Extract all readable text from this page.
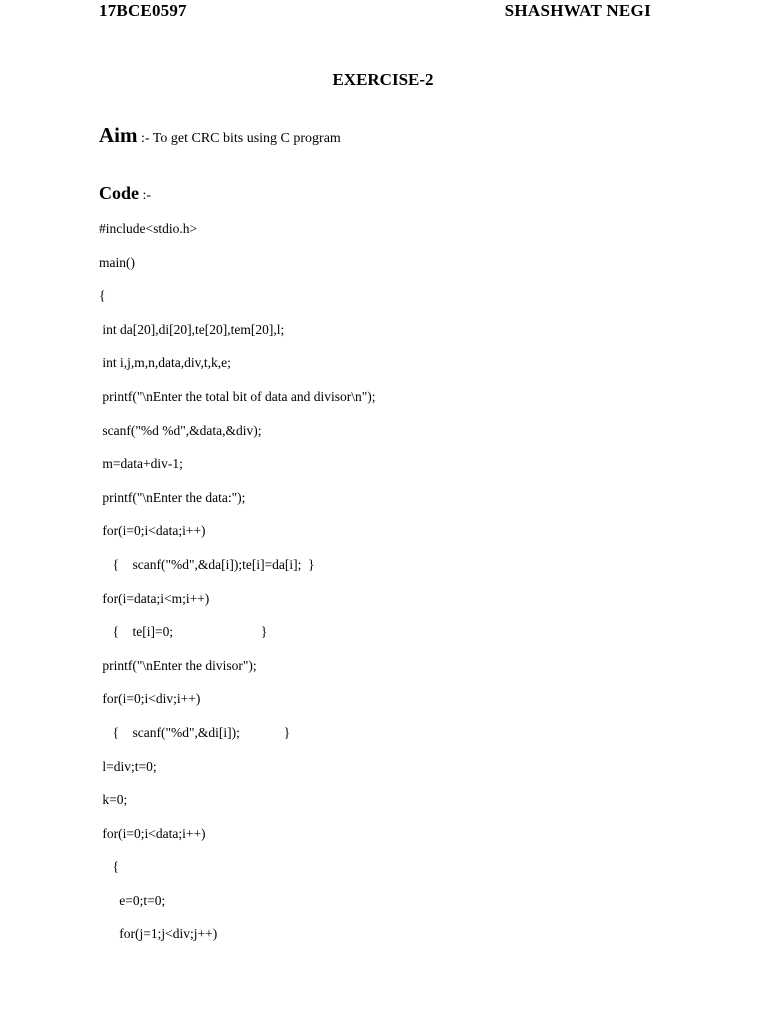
17BCE0597	SHASHWAT NEGI
EXERCISE-2
Aim :- To get CRC bits using C program
Code :-
#include<stdio.h>
main()
{
int da[20],di[20],te[20],tem[20],l;
int i,j,m,n,data,div,t,k,e;
printf("\nEnter the total bit of data and divisor\n");
scanf("%d %d",&data,&div);
m=data+div-1;
printf("\nEnter the data:");
for(i=0;i<data;i++)
{    scanf("%d",&da[i]);te[i]=da[i];  }
for(i=data;i<m;i++)
{    te[i]=0;                          }
printf("\nEnter the divisor");
for(i=0;i<div;i++)
{    scanf("%d",&di[i]);             }
l=div;t=0;
k=0;
for(i=0;i<data;i++)
{
e=0;t=0;
for(j=1;j<div;j++)
